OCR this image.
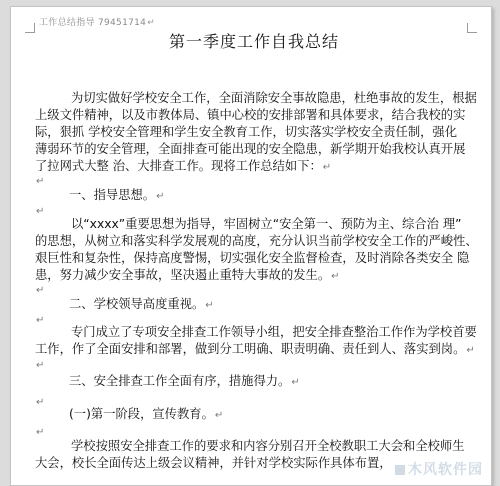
工作总结指导 79451714↵
第一季度工作自我总结
为切实做好学校安全工作，全面消除安全事故隐患，杜绝事故的发生，根据
上级文件精神，以及市教体局、镇中心校的安排部署和具体要求，结合我校的实
际，狠抓 学校安全管理和学生安全教育工作，切实落实学校安全责任制，强化
薄弱环节的安全管理，全面排查可能出现的安全隐患，新学期开始我校认真开展
了拉网式大整 治、大排查工作。现将工作总结如下：↵
↵
一、指导思想。↵
↵
以“xxxx”重要思想为指导，牢固树立“安全第一、预防为主、综合治 理”
的思想，从树立和落实科学发展观的高度，充分认识当前学校安全工作的严峻性、
艰巨性和复杂性，保持高度警惕，切实强化安全监督检查，及时消除各类安全 隐
患，努力减少安全事故，坚决遏止重特大事故的发生。↵
↵
二、学校领导高度重视。↵
↵
专门成立了专项安全排查工作领导小组，把安全排查整治工作作为学校首要
工作，作了全面安排和部署，做到分工明确、职责明确、责任到人、落实到岗。↵
↵
三、安全排查工作全面有序，措施得力。↵
↵
(一)第一阶段，宣传教育。↵
↵
学校按照安全排查工作的要求和内容分别召开全校教职工大会和全校师生
大会，校长全面传达上级会议精神，并针对学校实际作具体布置，	木风软件园
